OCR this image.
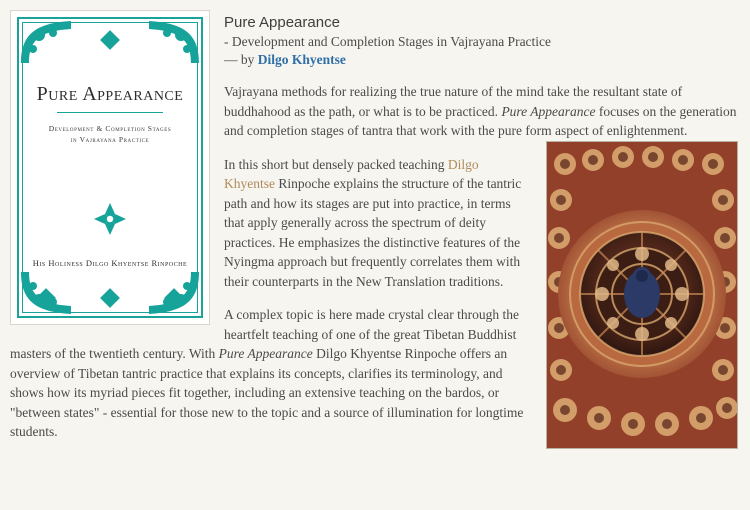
Pure Appearance
Development & Completion Stages
in Vajrayana Practice
His Holiness Dilgo Khyentse Rinpoche
Pure Appearance
- Development and Completion Stages in Vajrayana Practice
— by Dilgo Khyentse

Vajrayana methods for realizing the true nature of the mind take the resultant state of buddhahood as the path, or what is to be practiced. Pure Appearance focuses on the generation and completion stages of tantra that work with the pure form aspect of enlightenment.

In this short but densely packed teaching Dilgo Khyentse Rinpoche explains the structure of the tantric path and how its stages are put into practice, in terms that apply generally across the spectrum of deity practices. He emphasizes the distinctive features of the Nyingma approach but frequently correlates them with their counterparts in the New Translation traditions.

A complex topic is here made crystal clear through the heartfelt teaching of one of the great Tibetan Buddhist masters of the twentieth century. With Pure Appearance Dilgo Khyentse Rinpoche offers an overview of Tibetan tantric practice that explains its concepts, clarifies its terminology, and shows how its myriad pieces fit together, including an extensive teaching on the bardos, or "between states" - essential for those new to the topic and a source of illumination for longtime students.
